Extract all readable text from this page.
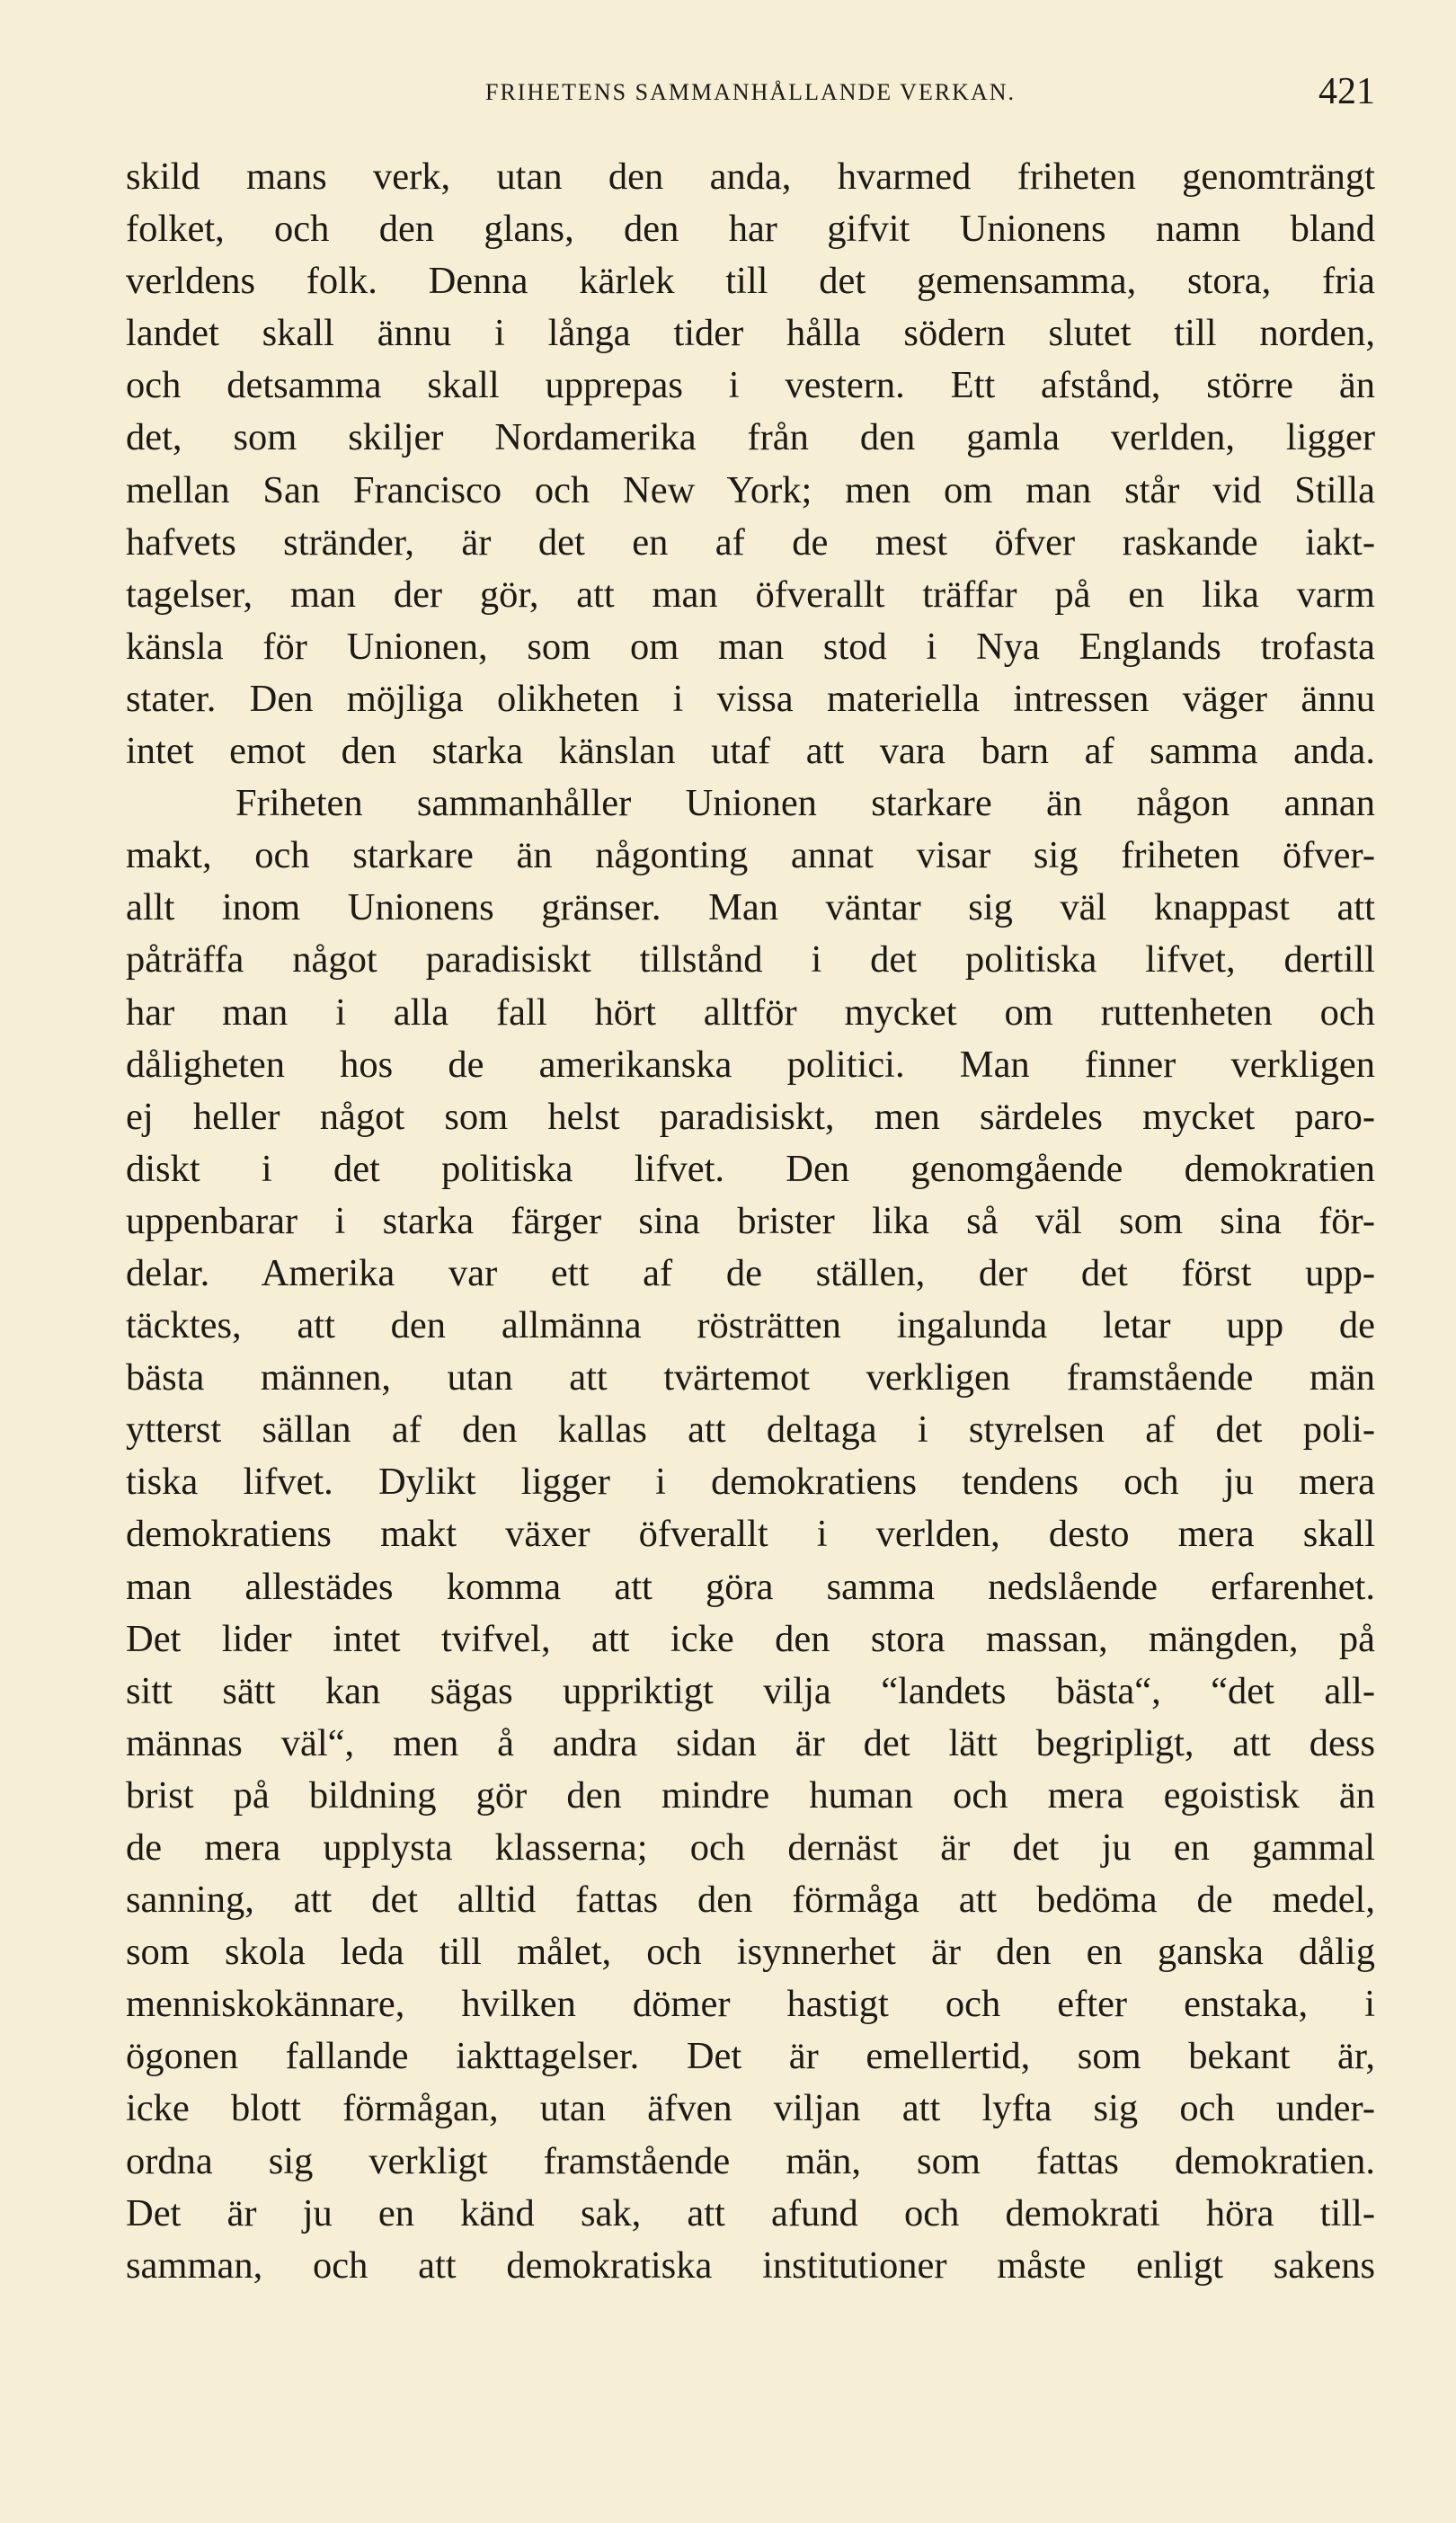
FRIHETENS SAMMANHÅLLANDE VERKAN.	421
skild mans verk, utan den anda, hvarmed friheten genomträngt
folket, och den glans, den har gifvit Unionens namn bland
verldens folk. Denna kärlek till det gemensamma, stora, fria
landet skall ännu i långa tider hålla södern slutet till norden,
och detsamma skall upprepas i vestern. Ett afstånd, större än
det, som skiljer Nordamerika från den gamla verlden, ligger
mellan San Francisco och New York; men om man står vid Stilla
hafvets stränder, är det en af de mest öfver raskande iakt-
tagelser, man der gör, att man öfverallt träffar på en lika varm
känsla för Unionen, som om man stod i Nya Englands trofasta
stater. Den möjliga olikheten i vissa materiella intressen väger ännu
intet emot den starka känslan utaf att vara barn af samma anda.
Friheten sammanhåller Unionen starkare än någon annan
makt, och starkare än någonting annat visar sig friheten öfver-
allt inom Unionens gränser. Man väntar sig väl knappast att
påträffa något paradisiskt tillstånd i det politiska lifvet, dertill
har man i alla fall hört alltför mycket om ruttenheten och
dåligheten hos de amerikanska politici. Man finner verkligen
ej heller något som helst paradisiskt, men särdeles mycket paro-
diskt i det politiska lifvet. Den genomgående demokratien
uppenbarar i starka färger sina brister lika så väl som sina för-
delar. Amerika var ett af de ställen, der det först upp-
täcktes, att den allmänna rösträtten ingalunda letar upp de
bästa männen, utan att tvärtemot verkligen framstående män
ytterst sällan af den kallas att deltaga i styrelsen af det poli-
tiska lifvet. Dylikt ligger i demokratiens tendens och ju mera
demokratiens makt växer öfverallt i verlden, desto mera skall
man allestädes komma att göra samma nedslående erfarenhet.
Det lider intet tvifvel, att icke den stora massan, mängden, på
sitt sätt kan sägas uppriktigt vilja “landets bästa“, “det all-
männas väl“, men å andra sidan är det lätt begripligt, att dess
brist på bildning gör den mindre human och mera egoistisk än
de mera upplysta klasserna; och dernäst är det ju en gammal
sanning, att det alltid fattas den förmåga att bedöma de medel,
som skola leda till målet, och isynnerhet är den en ganska dålig
menniskokännare, hvilken dömer hastigt och efter enstaka, i
ögonen fallande iakttagelser. Det är emellertid, som bekant är,
icke blott förmågan, utan äfven viljan att lyfta sig och under-
ordna sig verkligt framstående män, som fattas demokratien.
Det är ju en känd sak, att afund och demokrati höra till-
samman, och att demokratiska institutioner måste enligt sakens
